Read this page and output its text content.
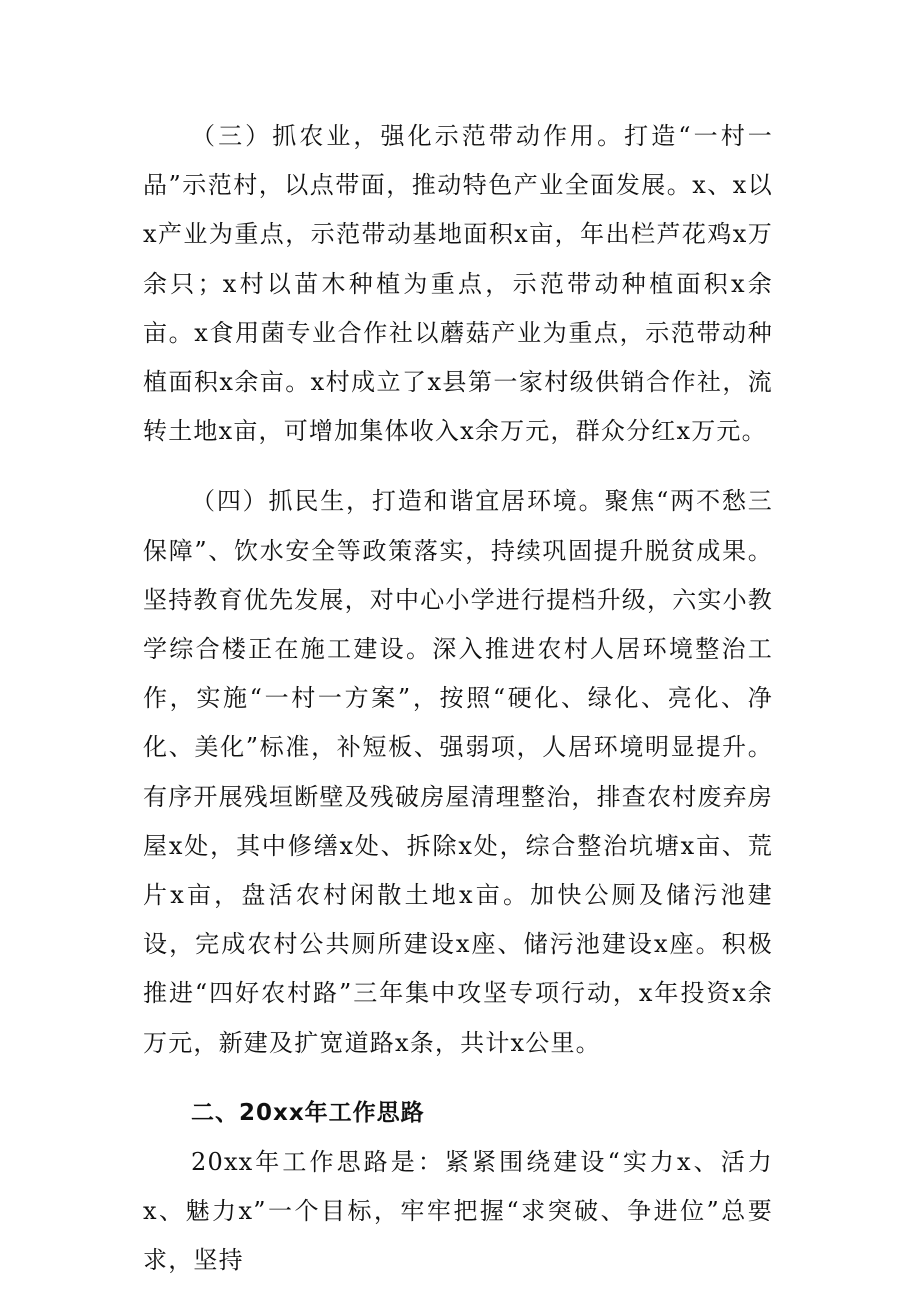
（三）抓农业，强化示范带动作用。打造“一村一品”示范村，以点带面，推动特色产业全面发展。x、x以x产业为重点，示范带动基地面积x亩，年出栏芦花鸡x万余只；x村以苗木种植为重点，示范带动种植面积x余亩。x食用菌专业合作社以蘑菇产业为重点，示范带动种植面积x余亩。x村成立了x县第一家村级供销合作社，流转土地x亩，可增加集体收入x余万元，群众分红x万元。

（四）抓民生，打造和谐宜居环境。聚焦“两不愁三保障”、饮水安全等政策落实，持续巩固提升脱贫成果。坚持教育优先发展，对中心小学进行提档升级，六实小教学综合楼正在施工建设。深入推进农村人居环境整治工作，实施“一村一方案”，按照“硬化、绿化、亮化、净化、美化”标准，补短板、强弱项，人居环境明显提升。有序开展残垣断壁及残破房屋清理整治，排查农村废弃房屋x处，其中修缮x处、拆除x处，综合整治坑塘x亩、荒片x亩，盘活农村闲散土地x亩。加快公厕及储污池建设，完成农村公共厕所建设x座、储污池建设x座。积极推进“四好农村路”三年集中攻坚专项行动，x年投资x余万元，新建及扩宽道路x条，共计x公里。

二、20xx年工作思路

20xx年工作思路是：紧紧围绕建设“实力x、活力x、魅力x”一个目标，牢牢把握“求突破、争进位”总要求，坚持
